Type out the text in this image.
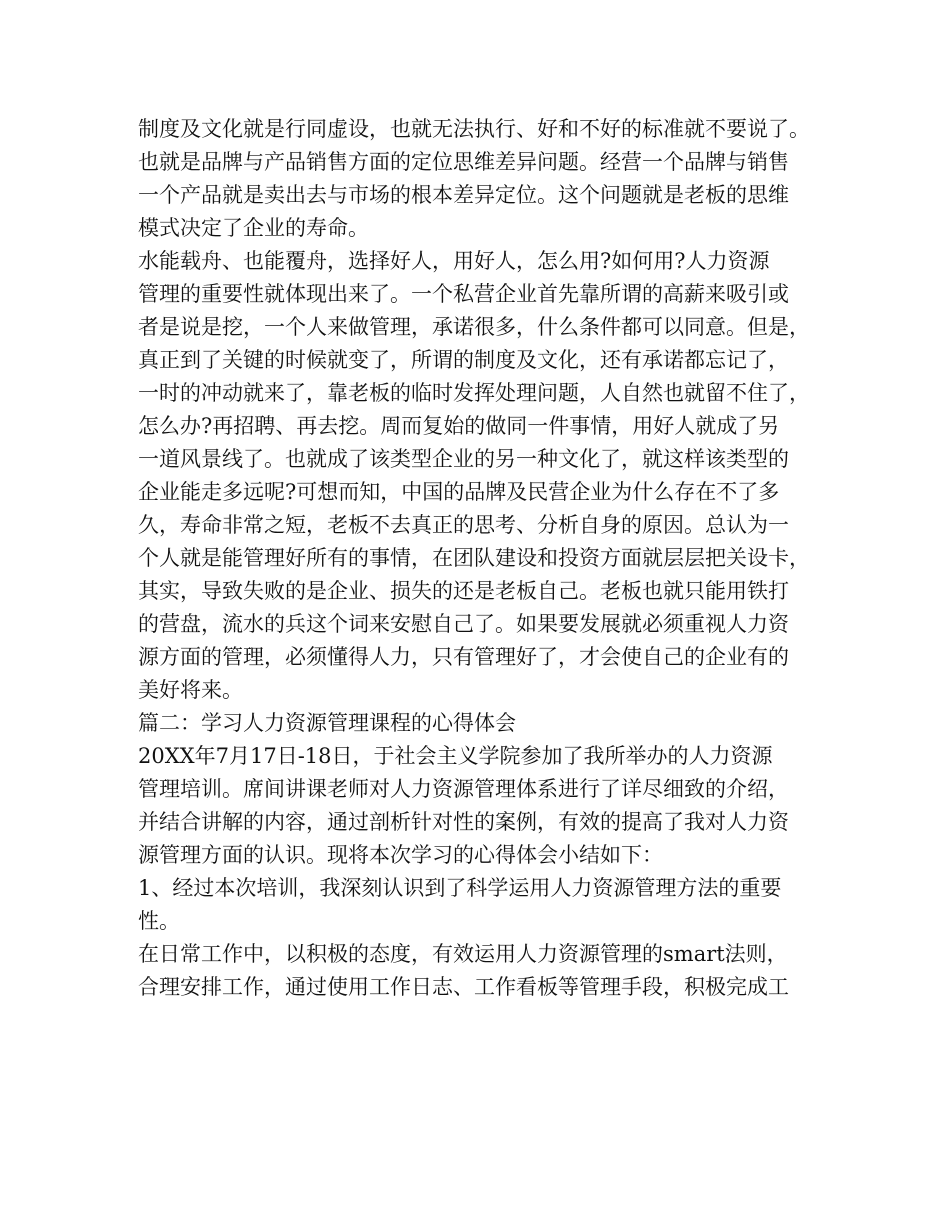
制度及文化就是行同虚设，也就无法执行、好和不好的标准就不要说了。
也就是品牌与产品销售方面的定位思维差异问题。经营一个品牌与销售
一个产品就是卖出去与市场的根本差异定位。这个问题就是老板的思维
模式决定了企业的寿命。
水能载舟、也能覆舟，选择好人，用好人，怎么用?如何用?人力资源
管理的重要性就体现出来了。一个私营企业首先靠所谓的高薪来吸引或
者是说是挖，一个人来做管理，承诺很多，什么条件都可以同意。但是，
真正到了关键的时候就变了，所谓的制度及文化，还有承诺都忘记了，
一时的冲动就来了，靠老板的临时发挥处理问题，人自然也就留不住了，
怎么办?再招聘、再去挖。周而复始的做同一件事情，用好人就成了另
一道风景线了。也就成了该类型企业的另一种文化了，就这样该类型的
企业能走多远呢?可想而知，中国的品牌及民营企业为什么存在不了多
久，寿命非常之短，老板不去真正的思考、分析自身的原因。总认为一
个人就是能管理好所有的事情，在团队建设和投资方面就层层把关设卡，
其实，导致失败的是企业、损失的还是老板自己。老板也就只能用铁打
的营盘，流水的兵这个词来安慰自己了。如果要发展就必须重视人力资
源方面的管理，必须懂得人力，只有管理好了，才会使自己的企业有的
美好将来。
篇二：学习人力资源管理课程的心得体会
20XX年7月17日-18日，于社会主义学院参加了我所举办的人力资源
管理培训。席间讲课老师对人力资源管理体系进行了详尽细致的介绍，
并结合讲解的内容，通过剖析针对性的案例，有效的提高了我对人力资
源管理方面的认识。现将本次学习的心得体会小结如下：
1、经过本次培训，我深刻认识到了科学运用人力资源管理方法的重要
性。
在日常工作中，以积极的态度，有效运用人力资源管理的smart法则，
合理安排工作，通过使用工作日志、工作看板等管理手段，积极完成工
